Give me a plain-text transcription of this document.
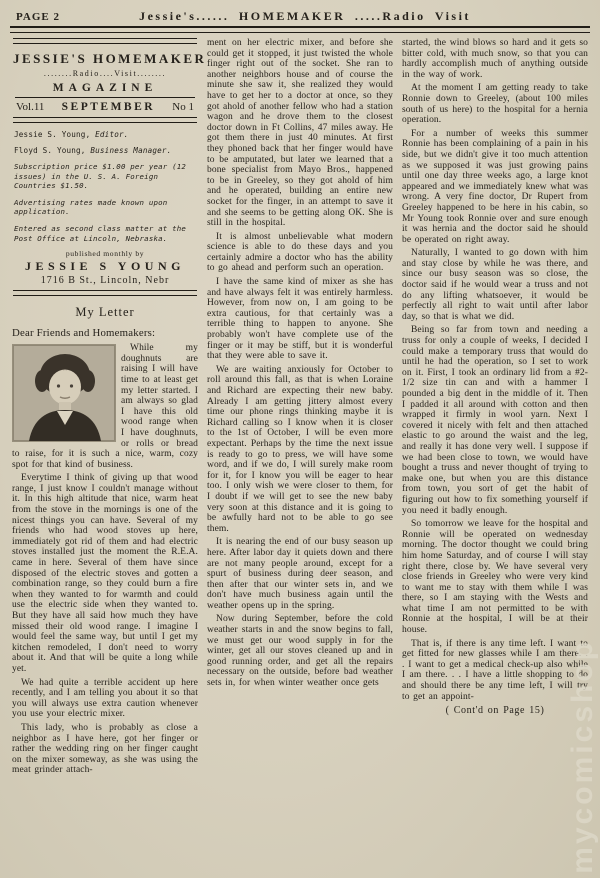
PAGE 2	Jessie's...... HOMEMAKER .....Radio Visit
JESSIE'S HOMEMAKER
........Radio....Visit........
MAGAZINE
Vol.11 SEPTEMBER No 1

Jessie S. Young, Editor.

Floyd S. Young, Business Manager.

Subscription price $1.00 per year (12 issues) in the U. S. A. Foreign Countries $1.50.

Advertising rates made known upon application.

Entered as second class matter at the Post Office at Lincoln, Nebraska.

published monthly by
JESSIE S YOUNG
1716 B St., Lincoln, Nebr
My Letter

Dear Friends and Homemakers:

While my doughnuts are raising I will have time to at least get my letter started. I am always so glad I have this old wood range when I have doughnuts, or rolls or bread to raise, for it is such a nice, warm, cozy spot for that kind of business.

Everytime I think of giving up that wood range, I just know I couldn't manage without it. In this high altitude that nice, warm heat from the stove in the mornings is one of the nicest things you can have. Several of my friends who had wood stoves up here, immediately got rid of them and had electric stoves installed just the moment the R.E.A. came in here. Several of them have since disposed of the electric stoves and gotten a combination range, so they could burn a fire when they wanted to for warmth and could use the electric side when they wanted to. But they have all said how much they have missed their old wood range. I imagine I would feel the same way, but until I get my kitchen remodeled, I don't need to worry about it. And that will be quite a long while yet.

We had quite a terrible accident up here recently, and I am telling you about it so that you will always use extra caution whenever you use your electric mixer.

This lady, who is probably as close a neighbor as I have here, got her finger or rather the wedding ring on her finger caught on the mixer someway, as she was using the meat grinder attach-

ment on her electric mixer, and before she could get it stopped, it just twisted the whole finger right out of the socket. She ran to another neighbors house and of course the minute she saw it, she realized they would have to get her to a doctor at once, so they got ahold of another fellow who had a station wagon and he drove them to the closest doctor down in Ft Collins, 47 miles away. He got them there in just 40 minutes. At first they phoned back that her finger would have to be amputated, but later we learned that a bone specialist from Mayo Bros., happened to be in Greeley, so they got ahold of him and he operated, building an entire new socket for the finger, in an attempt to save it and she seems to be getting along OK. She is still in the hospital.

It is almost unbelievable what modern science is able to do these days and you certainly admire a doctor who has the ability to go ahead and perform such an operation.

I have the same kind of mixer as she has and have always felt it was entirely harmless. However, from now on, I am going to be extra cautious, for that certainly was a terrible thing to happen to anyone. She probably won't have complete use of the finger or it may be stiff, but it is wonderful that they were able to save it.

We are waiting anxiously for October to roll around this fall, as that is when Loraine and Richard are expecting their new baby. Already I am getting jittery almost every time our phone rings thinking maybe it is Richard calling so I know when it is closer to the 1st of October, I will be even more expectant. Perhaps by the time the next issue is ready to go to press, we will have some word, and if we do, I will surely make room for it, for I know you will be eager to hear too. I only wish we were closer to them, for I doubt if we will get to see the new baby very soon at this distance and it is going to be awfully hard not to be able to go see them.

It is nearing the end of our busy season up here. After labor day it quiets down and there are not many people around, except for a spurt of business during deer season, and then after that our winter sets in, and we don't have much business again until the weather opens up in the spring.

Now during September, before the cold weather starts in and the snow begins to fall, we must get our wood supply in for the winter, get all our stoves cleaned up and in good running order, and get all the repairs necessary on the outside, before bad weather sets in, for when winter weather once gets

started, the wind blows so hard and it gets so bitter cold, with much snow, so that you can hardly accomplish much of anything outside in the way of work.

At the moment I am getting ready to take Ronnie down to Greeley, (about 100 miles south of us here) to the hospital for a hernia operation.

For a number of weeks this summer Ronnie has been complaining of a pain in his side, but we didn't give it too much attention as we supposed it was just growing pains until one day three weeks ago, a large knot appeared and we immediately knew what was wrong. A very fine doctor, Dr Rupert from Greeley happened to be here in his cabin, so Mr Young took Ronnie over and sure enough it was hernia and the doctor said he should be operated on right away.

Naturally, I wanted to go down with him and stay close by while he was there, and since our busy season was so close, the doctor said if he would wear a truss and not do any lifting whatsoever, it would be perfectly all right to wait until after labor day, so that is what we did.

Being so far from town and needing a truss for only a couple of weeks, I decided I could make a temporary truss that would do until he had the operation, so I set to work on it. First, I took an ordinary lid from a #2-1/2 size tin can and with a hammer I pounded a big dent in the middle of it. Then I padded it all around with cotton and then wrapped it firmly in wool yarn. Next I covered it nicely with felt and then attached elastic to go around the waist and the leg, and really it has done very well. I suppose if we had been close to town, we would have bought a truss and never thought of trying to make one, but when you are this distance from town, you sort of get the habit of figuring out how to fix something yourself if you need it badly enough.

So tomorrow we leave for the hospital and Ronnie will be operated on wednesday morning. The doctor thought we could bring him home Saturday, and of course I will stay right there, close by. We have several very close friends in Greeley who were very kind to want me to stay with them while I was there, so I am staying with the Wests and what time I am not permitted to be with Ronnie at the hospital, I will be at their house.

That is, if there is any time left. I want to get fitted for new glasses while I am there. . . I want to get a medical check-up also while I am there. . . I have a little shopping to do and should there be any time left, I will try to get an appoint-

( Cont'd on Page 15) mycomicshop
